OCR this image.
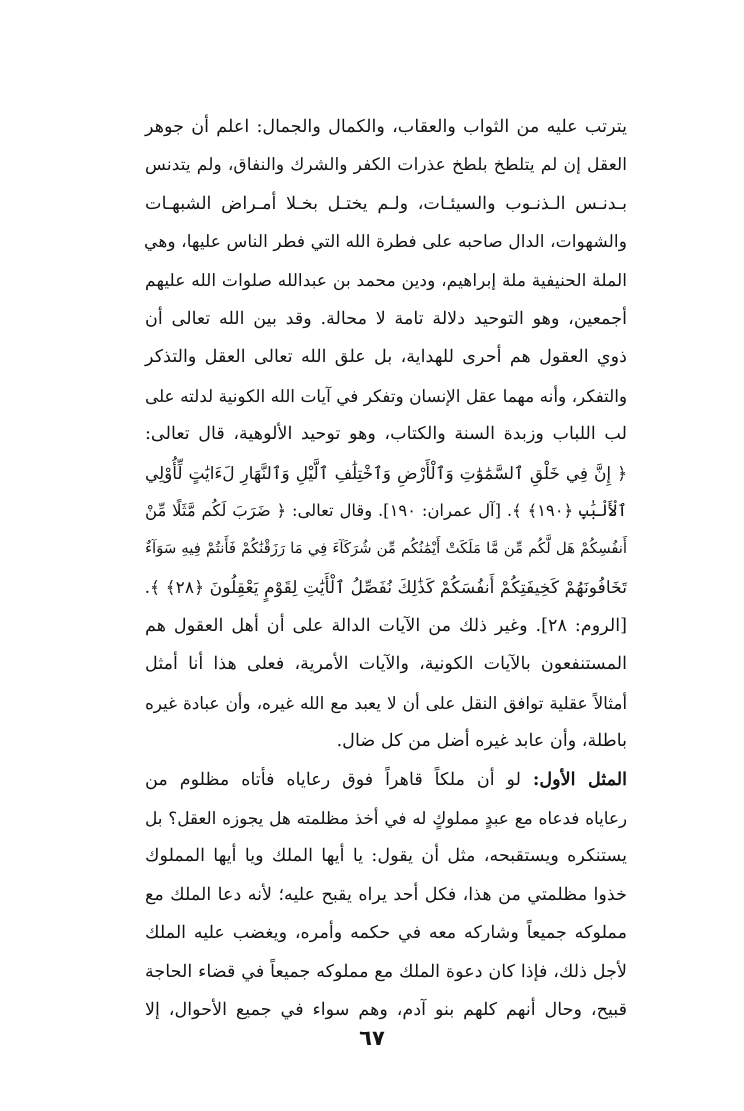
يترتب عليه من الثواب والعقاب، والكمال والجمال: اعلم أن جوهر
العقل إن لم يتلطخ بلطخ عذرات الكفر والشرك والنفاق، ولم يتدنس
بـدنـس الـذنـوب والسيئـات، ولـم يختـل بخـلا أمـراض الشبهـات
والشهوات، الدال صاحبه على فطرة الله التي فطر الناس عليها، وهي
الملة الحنيفية ملة إبراهيم، ودين محمد بن عبدالله صلوات الله عليهم
أجمعين، وهو التوحيد دلالة تامة لا محالة. وقد بين الله تعالى أن
ذوي العقول هم أحرى للهداية، بل علق الله تعالى العقل والتذكر
والتفكر، وأنه مهما عقل الإنسان وتفكر في آيات الله الكونية لدلته على
لب اللباب وزبدة السنة والكتاب، وهو توحيد الألوهية، قال تعالى:
﴿ إِنَّ فِي خَلْقِ ٱلسَّمَٰوَٰتِ وَٱلْأَرْضِ وَٱخْتِلَٰفِ ٱلَّيْلِ وَٱلنَّهَارِ لَءَايَٰتٍ لِّأُوْلِي
ٱلْأَلْبَٰبِ ﴿١٩٠﴾ ﴾. [آل عمران: ١٩٠]. وقال تعالى: ﴿ ضَرَبَ لَكُم مَّثَلًا مِّنْ
أَنفُسِكُمْ هَل لَّكُم مِّن مَّا مَلَكَتْ أَيْمَٰنُكُم مِّن شُرَكَآءَ فِي مَا رَزَقْنَٰكُمْ فَأَنتُمْ فِيهِ سَوَآءٌ
تَخَافُونَهُمْ كَخِيفَتِكُمْ أَنفُسَكُمْ كَذَٰلِكَ نُفَصِّلُ ٱلْأَيَٰتِ لِقَوْمٍ يَعْقِلُونَ ﴿٢٨﴾ ﴾.
[الروم: ٢٨]. وغير ذلك من الآيات الدالة على أن أهل العقول هم
المستنفعون بالآيات الكونية، والآيات الأمرية، فعلى هذا أنا أمثل
أمثالاً عقلية توافق النقل على أن لا يعبد مع الله غيره، وأن عبادة غيره
باطلة، وأن عابد غيره أضل من كل ضال.
المثل الأول: لو أن ملكاً قاهراً فوق رعاياه فأتاه مظلوم من
رعاياه فدعاه مع عبدٍ مملوكٍ له في أخذ مظلمته هل يجوزه العقل؟ بل
يستنكره ويستقبحه، مثل أن يقول: يا أيها الملك ويا أيها المملوك
خذوا مظلمتي من هذا، فكل أحد يراه يقبح عليه؛ لأنه دعا الملك مع
مملوكه جميعاً وشاركه معه في حكمه وأمره، ويغضب عليه الملك
لأجل ذلك، فإذا كان دعوة الملك مع مملوكه جميعاً في قضاء الحاجة
قبيح، وحال أنهم كلهم بنو آدم، وهم سواء في جميع الأحوال، إلا
٦٧
